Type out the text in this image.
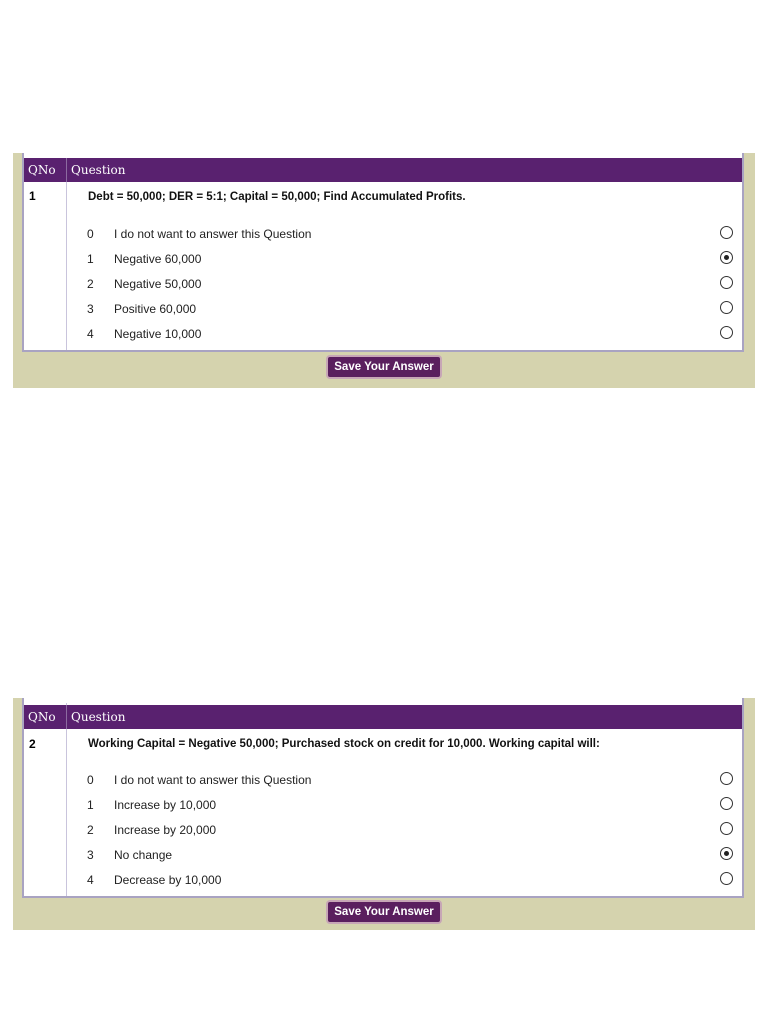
QNo Question
1	Debt = 50,000; DER = 5:1; Capital = 50,000; Find Accumulated Profits.
0 I do not want to answer this Question
1 Negative 60,000
2 Negative 50,000
3 Positive 60,000
4 Negative 10,000
Save Your Answer
QNo Question
2	Working Capital = Negative 50,000; Purchased stock on credit for 10,000. Working capital will:
0 I do not want to answer this Question
1 Increase by 10,000
2 Increase by 20,000
3 No change
4 Decrease by 10,000
Save Your Answer
